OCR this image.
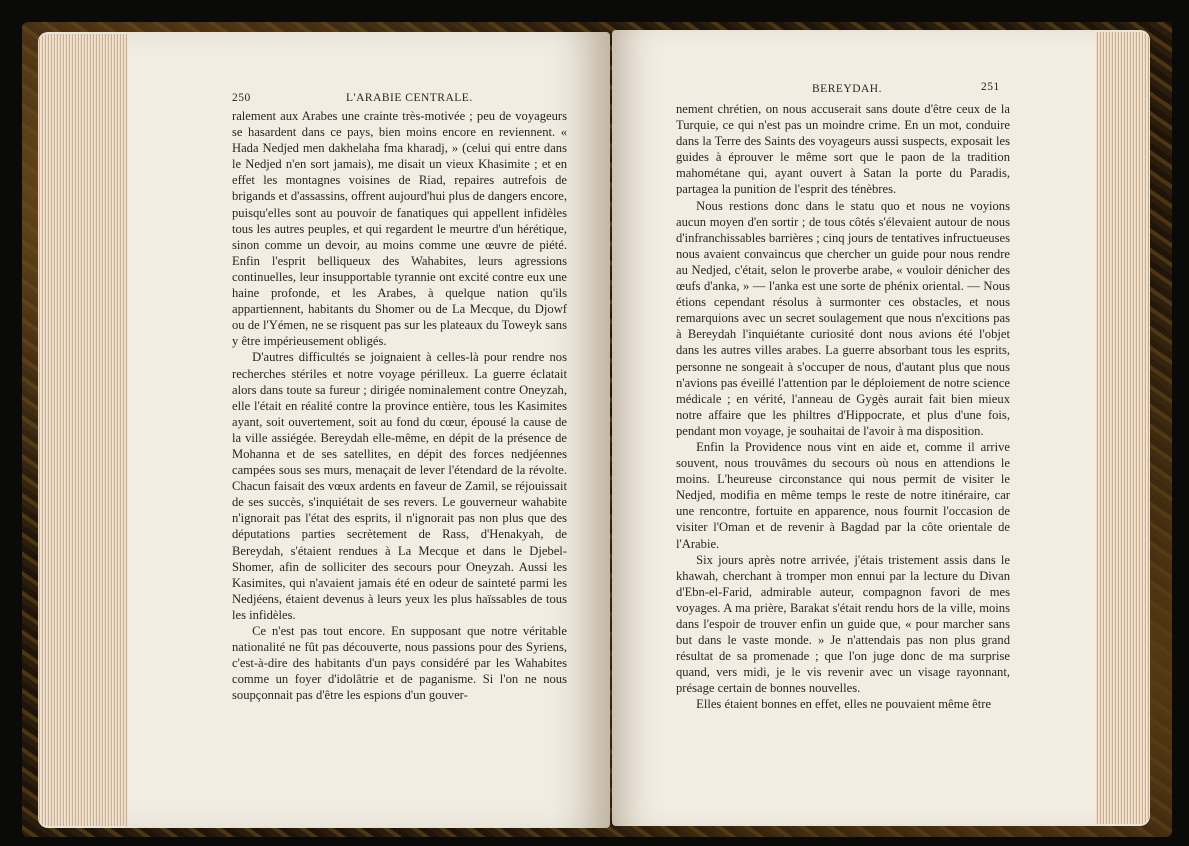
250	L'ARABIE CENTRALE.

ralement aux Arabes une crainte très-motivée ; peu de voyageurs se hasardent dans ce pays, bien moins encore en reviennent. « Hada Nedjed men dakhelaha fma kharadj, » (celui qui entre dans le Nedjed n'en sort jamais), me disait un vieux Khasimite ; et en effet les montagnes voisines de Riad, repaires autrefois de brigands et d'assassins, offrent aujourd'hui plus de dangers encore, puisqu'elles sont au pouvoir de fanatiques qui appellent infidèles tous les autres peuples, et qui regardent le meurtre d'un hérétique, sinon comme un devoir, au moins comme une œuvre de piété. Enfin l'esprit belliqueux des Wahabites, leurs agressions continuelles, leur insupportable tyrannie ont excité contre eux une haine profonde, et les Arabes, à quelque nation qu'ils appartiennent, habitants du Shomer ou de La Mecque, du Djowf ou de l'Yémen, ne se risquent pas sur les plateaux du Toweyk sans y être impérieusement obligés.

D'autres difficultés se joignaient à celles-là pour rendre nos recherches stériles et notre voyage périlleux. La guerre éclatait alors dans toute sa fureur ; dirigée nominalement contre Oneyzah, elle l'était en réalité contre la province entière, tous les Kasimites ayant, soit ouvertement, soit au fond du cœur, épousé la cause de la ville assiégée. Bereydah elle-même, en dépit de la présence de Mohanna et de ses satellites, en dépit des forces nedjéennes campées sous ses murs, menaçait de lever l'étendard de la révolte. Chacun faisait des vœux ardents en faveur de Zamil, se réjouissait de ses succès, s'inquiétait de ses revers. Le gouverneur wahabite n'ignorait pas l'état des esprits, il n'ignorait pas non plus que des députations parties secrètement de Rass, d'Henakyah, de Bereydah, s'étaient rendues à La Mecque et dans le Djebel-Shomer, afin de solliciter des secours pour Oneyzah. Aussi les Kasimites, qui n'avaient jamais été en odeur de sainteté parmi les Nedjéens, étaient devenus à leurs yeux les plus haïssables de tous les infidèles.

Ce n'est pas tout encore. En supposant que notre véritable nationalité ne fût pas découverte, nous passions pour des Syriens, c'est-à-dire des habitants d'un pays considéré par les Wahabites comme un foyer d'idolâtrie et de paganisme. Si l'on ne nous soupçonnait pas d'être les espions d'un gouver-

BEREYDAH.	251

nement chrétien, on nous accuserait sans doute d'être ceux de la Turquie, ce qui n'est pas un moindre crime. En un mot, conduire dans la Terre des Saints des voyageurs aussi suspects, exposait les guides à éprouver le même sort que le paon de la tradition mahométane qui, ayant ouvert à Satan la porte du Paradis, partagea la punition de l'esprit des ténèbres.

Nous restions donc dans le statu quo et nous ne voyions aucun moyen d'en sortir ; de tous côtés s'élevaient autour de nous d'infranchissables barrières ; cinq jours de tentatives infructueuses nous avaient convaincus que chercher un guide pour nous rendre au Nedjed, c'était, selon le proverbe arabe, « vouloir dénicher des œufs d'anka, » — l'anka est une sorte de phénix oriental. — Nous étions cependant résolus à surmonter ces obstacles, et nous remarquions avec un secret soulagement que nous n'excitions pas à Bereydah l'inquiétante curiosité dont nous avions été l'objet dans les autres villes arabes. La guerre absorbant tous les esprits, personne ne songeait à s'occuper de nous, d'autant plus que nous n'avions pas éveillé l'attention par le déploiement de notre science médicale ; en vérité, l'anneau de Gygès aurait fait bien mieux notre affaire que les philtres d'Hippocrate, et plus d'une fois, pendant mon voyage, je souhaitai de l'avoir à ma disposition.

Enfin la Providence nous vint en aide et, comme il arrive souvent, nous trouvâmes du secours où nous en attendions le moins. L'heureuse circonstance qui nous permit de visiter le Nedjed, modifia en même temps le reste de notre itinéraire, car une rencontre, fortuite en apparence, nous fournit l'occasion de visiter l'Oman et de revenir à Bagdad par la côte orientale de l'Arabie.

Six jours après notre arrivée, j'étais tristement assis dans le khawah, cherchant à tromper mon ennui par la lecture du Divan d'Ebn-el-Farid, admirable auteur, compagnon favori de mes voyages. A ma prière, Barakat s'était rendu hors de la ville, moins dans l'espoir de trouver enfin un guide que, « pour marcher sans but dans le vaste monde. » Je n'attendais pas non plus grand résultat de sa promenade ; que l'on juge donc de ma surprise quand, vers midi, je le vis revenir avec un visage rayonnant, présage certain de bonnes nouvelles.

Elles étaient bonnes en effet, elles ne pouvaient même être
